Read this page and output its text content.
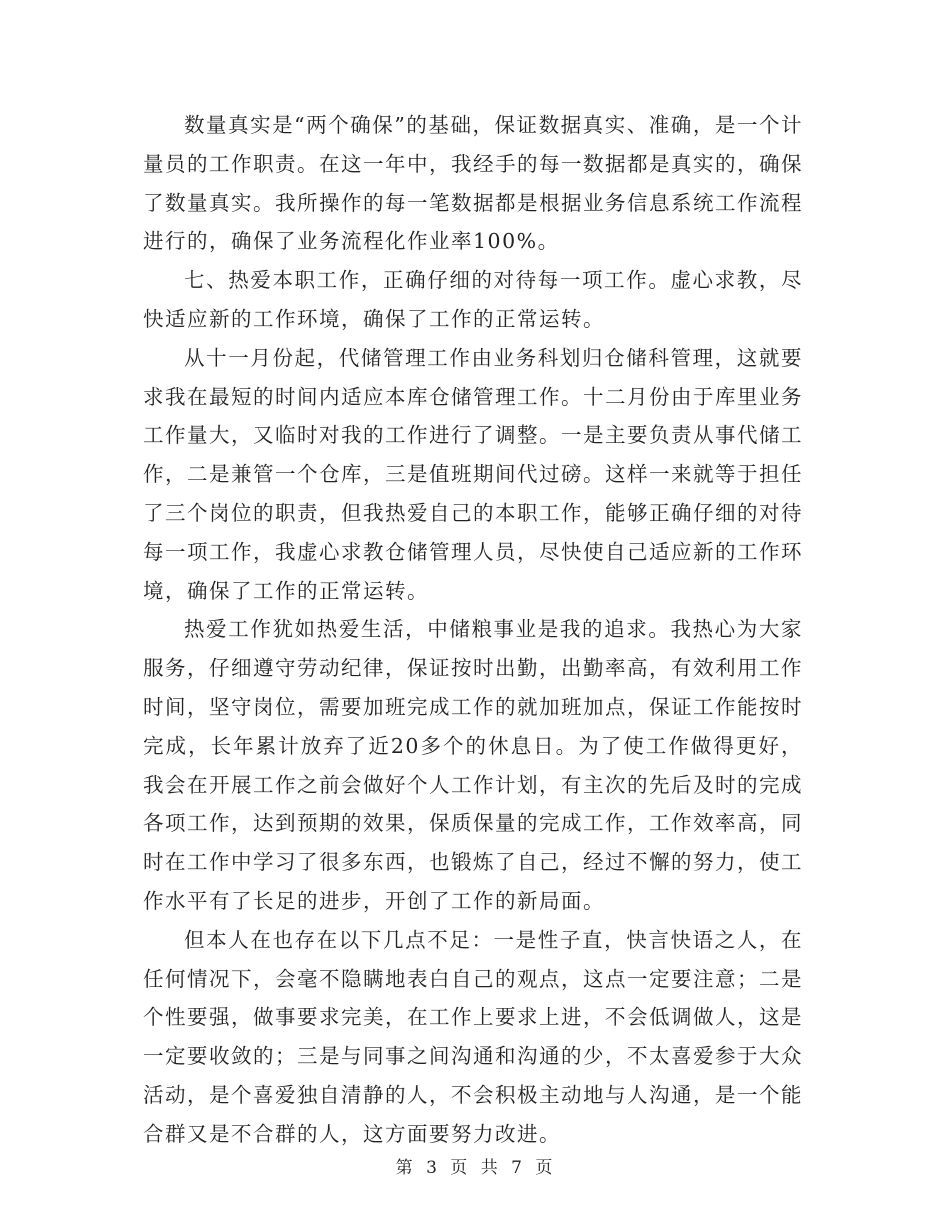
数量真实是“两个确保”的基础，保证数据真实、准确，是一个计量员的工作职责。在这一年中，我经手的每一数据都是真实的，确保了数量真实。我所操作的每一笔数据都是根据业务信息系统工作流程进行的，确保了业务流程化作业率100%。

七、热爱本职工作，正确仔细的对待每一项工作。虚心求教，尽快适应新的工作环境，确保了工作的正常运转。

从十一月份起，代储管理工作由业务科划归仓储科管理，这就要求我在最短的时间内适应本库仓储管理工作。十二月份由于库里业务工作量大，又临时对我的工作进行了调整。一是主要负责从事代储工作，二是兼管一个仓库，三是值班期间代过磅。这样一来就等于担任了三个岗位的职责，但我热爱自己的本职工作，能够正确仔细的对待每一项工作，我虚心求教仓储管理人员，尽快使自己适应新的工作环境，确保了工作的正常运转。

热爱工作犹如热爱生活，中储粮事业是我的追求。我热心为大家服务，仔细遵守劳动纪律，保证按时出勤，出勤率高，有效利用工作时间，坚守岗位，需要加班完成工作的就加班加点，保证工作能按时完成，长年累计放弃了近20多个的休息日。为了使工作做得更好，我会在开展工作之前会做好个人工作计划，有主次的先后及时的完成各项工作，达到预期的效果，保质保量的完成工作，工作效率高，同时在工作中学习了很多东西，也锻炼了自己，经过不懈的努力，使工作水平有了长足的进步，开创了工作的新局面。

但本人在也存在以下几点不足：一是性子直，快言快语之人，在任何情况下，会毫不隐瞒地表白自己的观点，这点一定要注意；二是个性要强，做事要求完美，在工作上要求上进，不会低调做人，这是一定要收敛的；三是与同事之间沟通和沟通的少，不太喜爱参于大众活动，是个喜爱独自清静的人，不会积极主动地与人沟通，是一个能合群又是不合群的人，这方面要努力改进。

第 3 页 共 7 页
